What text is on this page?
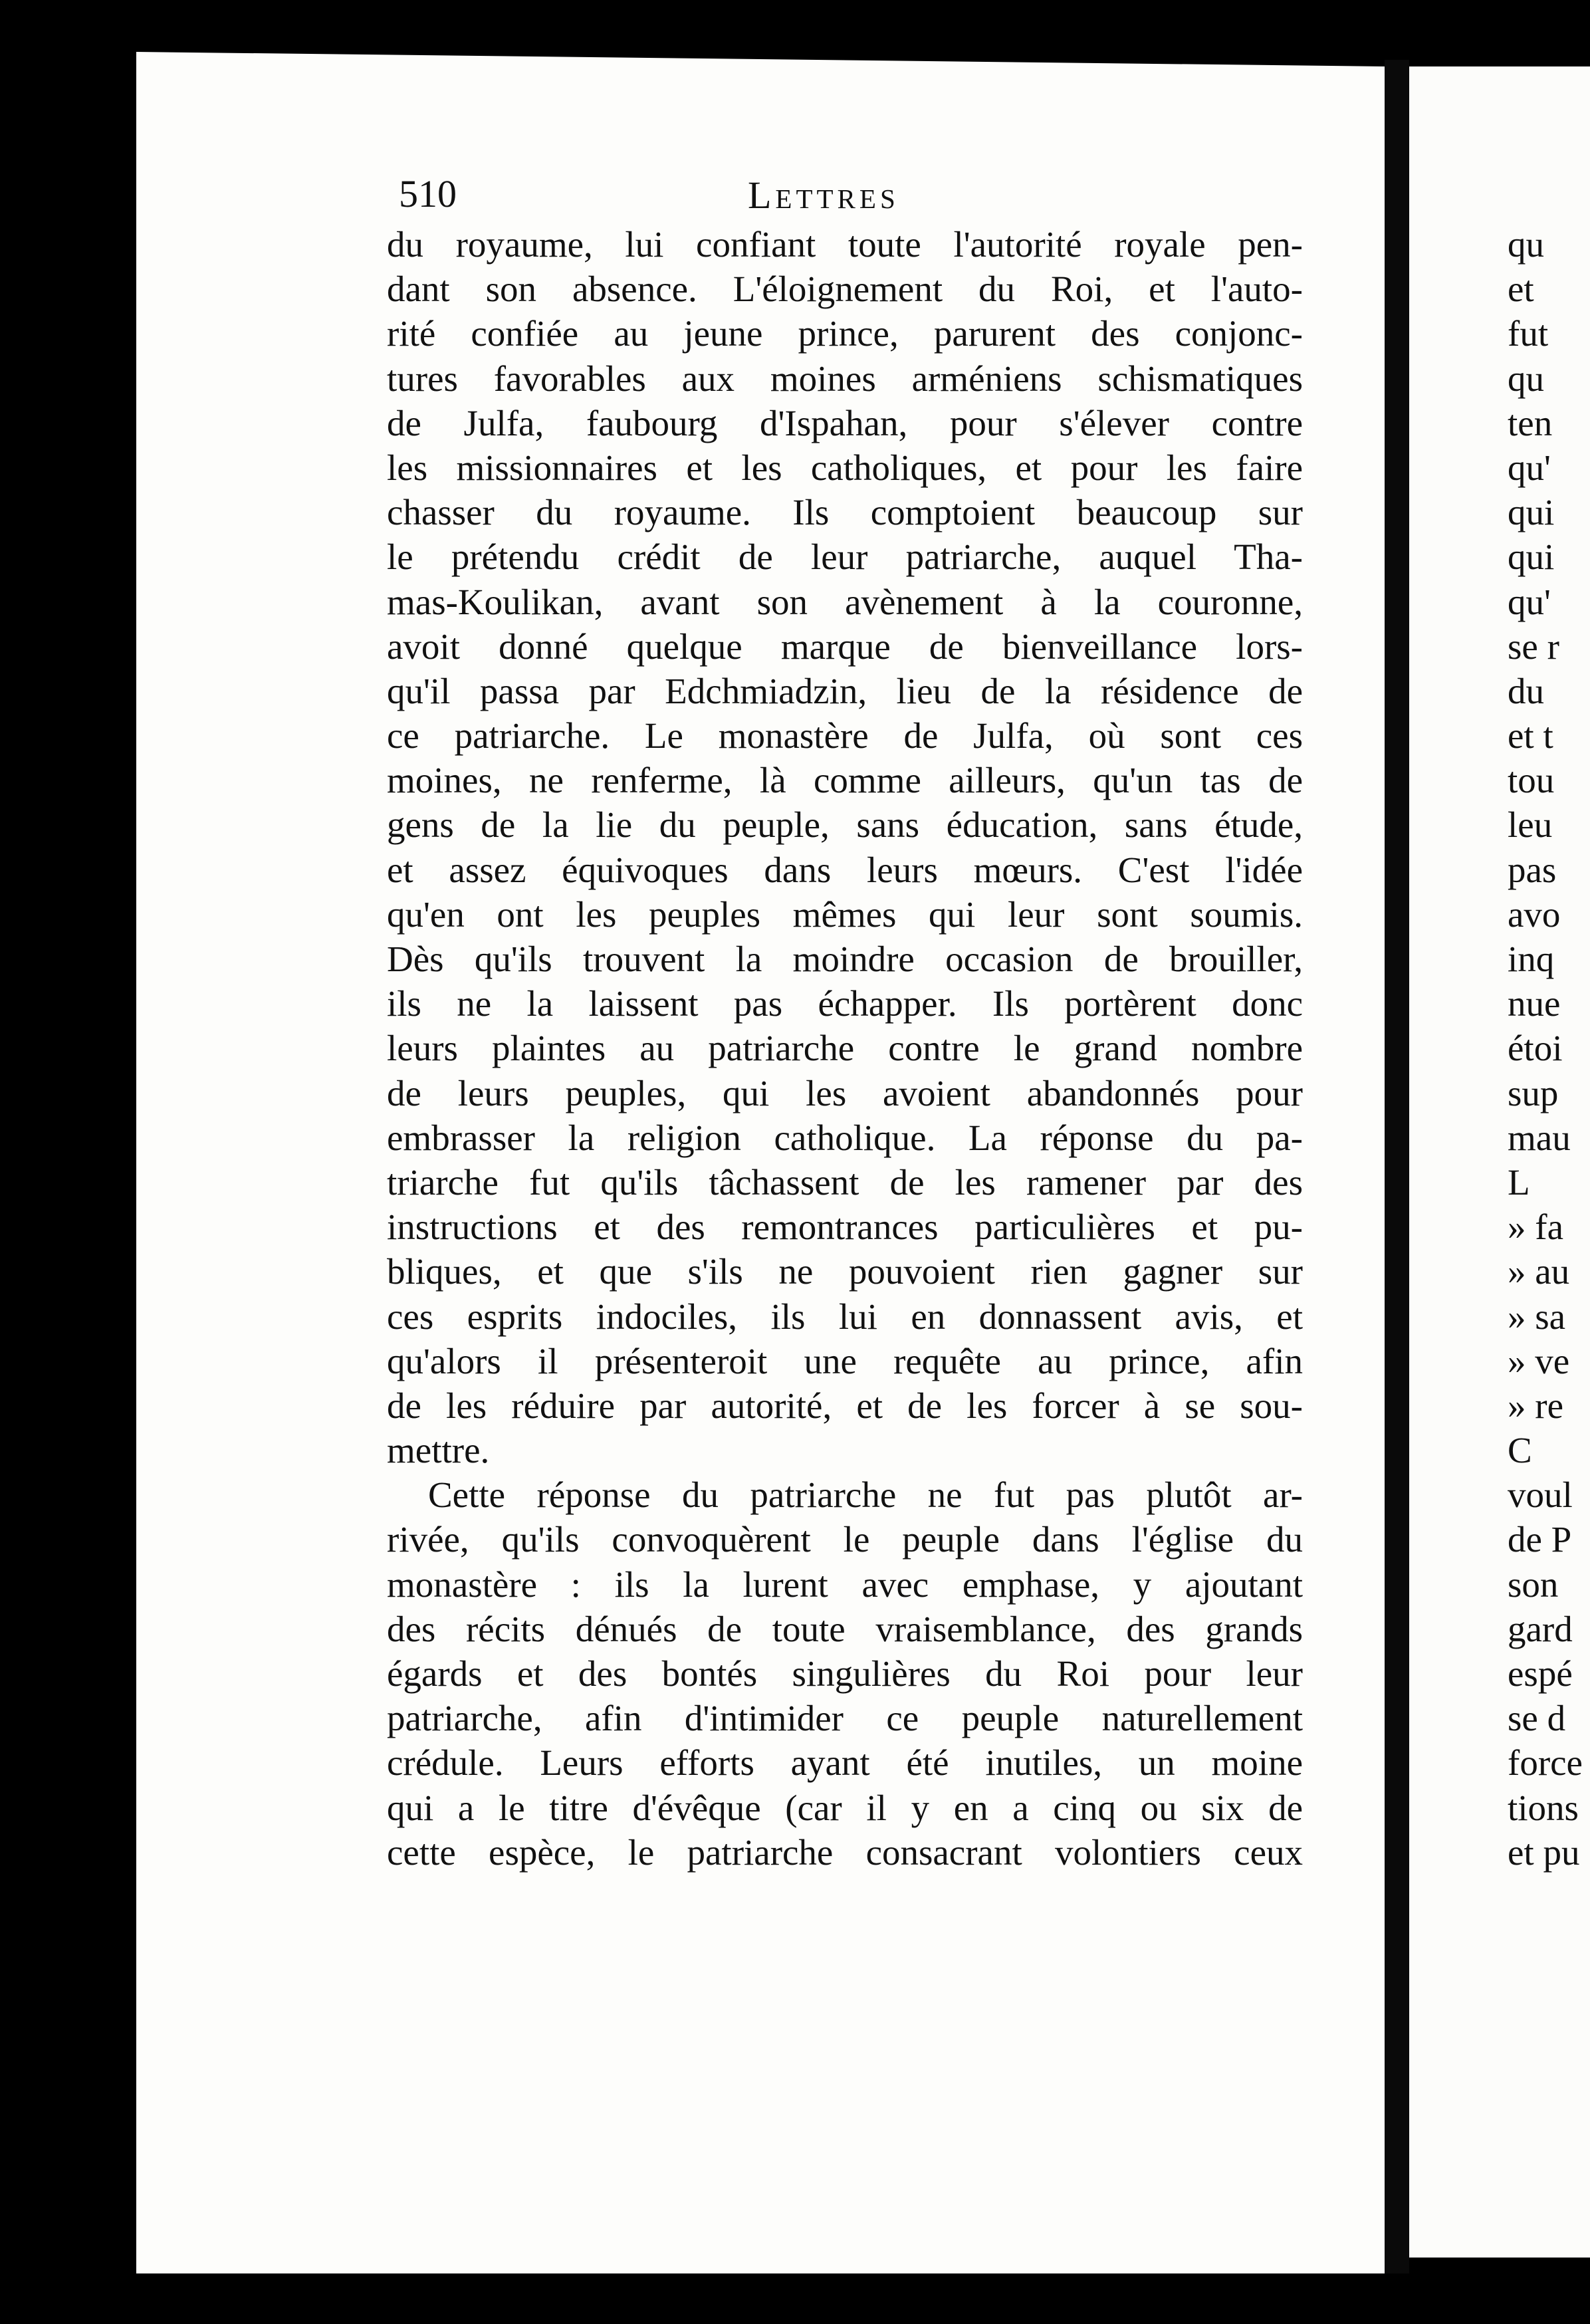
510	Lettres
du royaume, lui confiant toute l'autorité royale pen-
dant son absence. L'éloignement du Roi, et l'auto-
rité confiée au jeune prince, parurent des conjonc-
tures favorables aux moines arméniens schismatiques
de Julfa, faubourg d'Ispahan, pour s'élever contre
les missionnaires et les catholiques, et pour les faire
chasser du royaume. Ils comptoient beaucoup sur
le prétendu crédit de leur patriarche, auquel Tha-
mas-Koulikan, avant son avènement à la couronne,
avoit donné quelque marque de bienveillance lors-
qu'il passa par Edchmiadzin, lieu de la résidence de
ce patriarche. Le monastère de Julfa, où sont ces
moines, ne renferme, là comme ailleurs, qu'un tas de
gens de la lie du peuple, sans éducation, sans étude,
et assez équivoques dans leurs mœurs. C'est l'idée
qu'en ont les peuples mêmes qui leur sont soumis.
Dès qu'ils trouvent la moindre occasion de brouiller,
ils ne la laissent pas échapper. Ils portèrent donc
leurs plaintes au patriarche contre le grand nombre
de leurs peuples, qui les avoient abandonnés pour
embrasser la religion catholique. La réponse du pa-
triarche fut qu'ils tâchassent de les ramener par des
instructions et des remontrances particulières et pu-
bliques, et que s'ils ne pouvoient rien gagner sur
ces esprits indociles, ils lui en donnassent avis, et
qu'alors il présenteroit une requête au prince, afin
de les réduire par autorité, et de les forcer à se sou-
mettre.
Cette réponse du patriarche ne fut pas plutôt ar-
rivée, qu'ils convoquèrent le peuple dans l'église du
monastère : ils la lurent avec emphase, y ajoutant
des récits dénués de toute vraisemblance, des grands
égards et des bontés singulières du Roi pour leur
patriarche, afin d'intimider ce peuple naturellement
crédule. Leurs efforts ayant été inutiles, un moine
qui a le titre d'évêque (car il y en a cinq ou six de
cette espèce, le patriarche consacrant volontiers ceux
qu
et
fut
qu
ten
qu'
qui
qui
qu'
se r
du
et t
tou
leu
pas
avo
inq
nue
étoi
sup
mau
L
» fa
» au
» sa
» ve
» re
C
voul
de P
son
gard
espé
se d
force
tions
et pu
